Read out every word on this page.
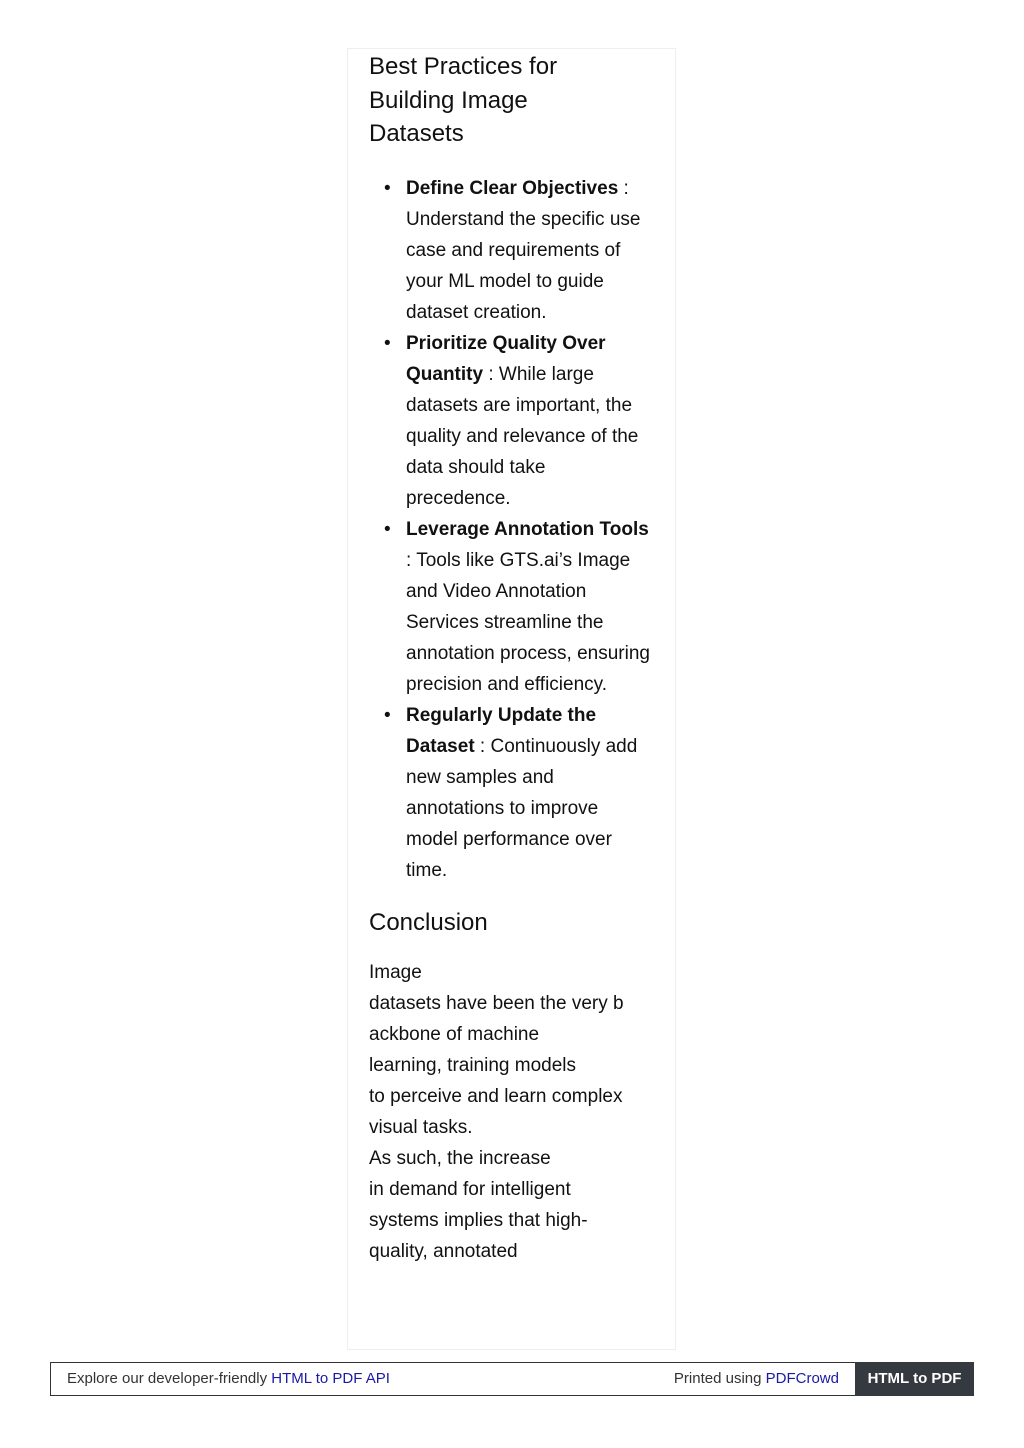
Best Practices for
Building Image
Datasets
• Define Clear Objectives : Understand the specific use case and requirements of your ML model to guide dataset creation.
• Prioritize Quality Over Quantity : While large datasets are important, the quality and relevance of the data should take precedence.
• Leverage Annotation Tools : Tools like GTS.ai’s Image and Video Annotation Services streamline the annotation process, ensuring precision and efficiency.
• Regularly Update the Dataset : Continuously add new samples and annotations to improve model performance over time.
Conclusion

Image
datasets have been the very b
ackbone of machine
learning, training models
to perceive and learn complex
visual tasks.
As such, the increase
in demand for intelligent
systems implies that high-
quality, annotated

Explore our developer-friendly HTML to PDF API	Printed using PDFCrowd	HTML to PDF
